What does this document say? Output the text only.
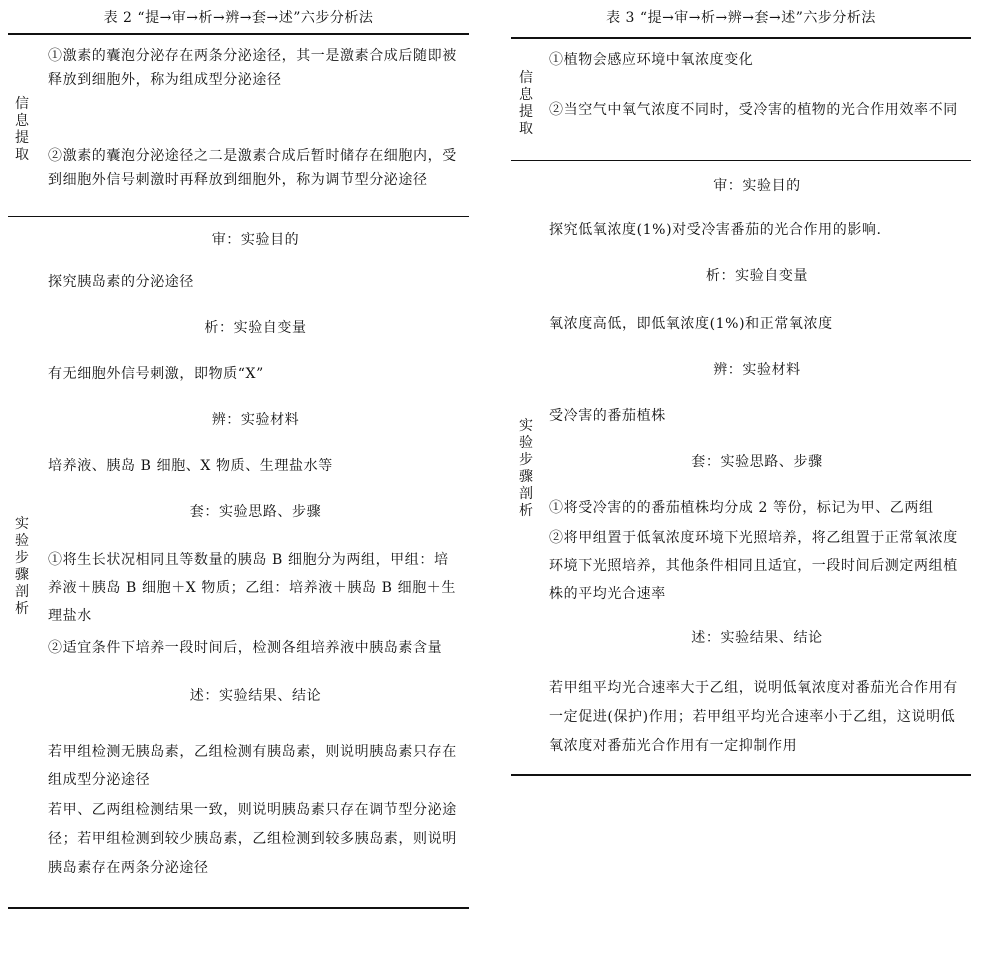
表 2 “提→审→析→辨→套→述”六步分析法
信
息
提
取
①激素的囊泡分泌存在两条分泌途径，其一是激素合成后随即被释放到细胞外，称为组成型分泌途径
②激素的囊泡分泌途径之二是激素合成后暂时储存在细胞内，受到细胞外信号刺激时再释放到细胞外，称为调节型分泌途径
实
验
步
骤
剖
析
审：实验目的
探究胰岛素的分泌途径
析：实验自变量
有无细胞外信号刺激，即物质“X”
辨：实验材料
培养液、胰岛 B 细胞、X 物质、生理盐水等
套：实验思路、步骤
①将生长状况相同且等数量的胰岛 B 细胞分为两组，甲组：培养液＋胰岛 B 细胞＋X 物质；乙组：培养液＋胰岛 B 细胞＋生理盐水
②适宜条件下培养一段时间后，检测各组培养液中胰岛素含量
述：实验结果、结论
若甲组检测无胰岛素，乙组检测有胰岛素，则说明胰岛素只存在组成型分泌途径
若甲、乙两组检测结果一致，则说明胰岛素只存在调节型分泌途径；若甲组检测到较少胰岛素，乙组检测到较多胰岛素，则说明胰岛素存在两条分泌途径
表 3 “提→审→析→辨→套→述”六步分析法
信
息
提
取
①植物会感应环境中氧浓度变化
②当空气中氧气浓度不同时，受冷害的植物的光合作用效率不同
实
验
步
骤
剖
析
审：实验目的
探究低氧浓度(1%)对受冷害番茄的光合作用的影响.
析：实验自变量
氧浓度高低，即低氧浓度(1%)和正常氧浓度
辨：实验材料
受冷害的番茄植株
套：实验思路、步骤
①将受冷害的的番茄植株均分成 2 等份，标记为甲、乙两组
②将甲组置于低氧浓度环境下光照培养，将乙组置于正常氧浓度环境下光照培养，其他条件相同且适宜，一段时间后测定两组植株的平均光合速率
述：实验结果、结论
若甲组平均光合速率大于乙组，说明低氧浓度对番茄光合作用有一定促进(保护)作用；若甲组平均光合速率小于乙组，这说明低氧浓度对番茄光合作用有一定抑制作用
